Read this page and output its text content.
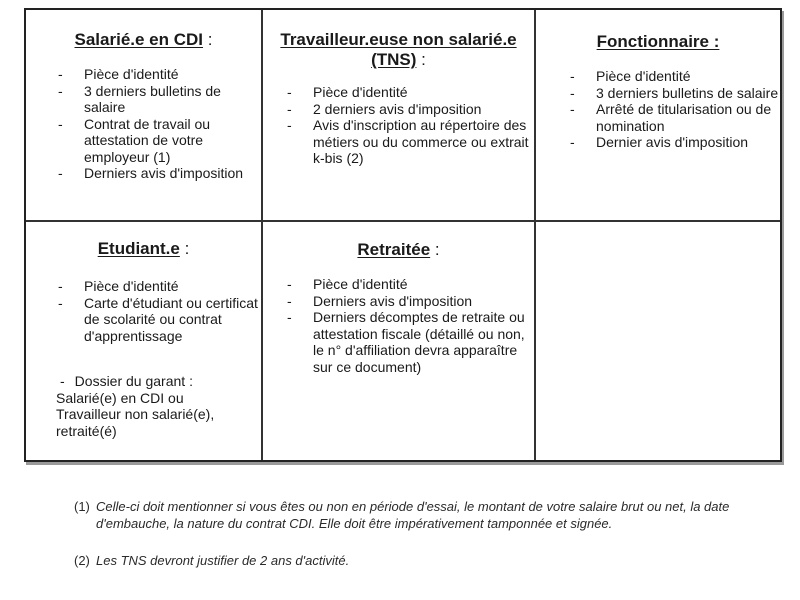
Salarié.e en CDI :
- Pièce d'identité
- 3 derniers bulletins de salaire
- Contrat de travail ou attestation de votre employeur (1)
- Derniers avis d'imposition
Travailleur.euse non salarié.e (TNS) :
- Pièce d'identité
- 2 derniers avis d'imposition
- Avis d'inscription au répertoire des métiers ou du commerce ou extrait k-bis (2)
Fonctionnaire :
- Pièce d'identité
- 3 derniers bulletins de salaire
- Arrêté de titularisation ou de nomination
- Dernier avis d'imposition
Etudiant.e :
- Pièce d'identité
- Carte d'étudiant ou certificat de scolarité ou contrat d'apprentissage
- Dossier du garant : Salarié(e) en CDI ou Travailleur non salarié(e), retraité(é)
Retraitée :
- Pièce d'identité
- Derniers avis d'imposition
- Derniers décomptes de retraite ou attestation fiscale (détaillé ou non, le n° d'affiliation devra apparaître sur ce document)
(1) Celle-ci doit mentionner si vous êtes ou non en période d'essai, le montant de votre salaire brut ou net, la date d'embauche, la nature du contrat CDI. Elle doit être impérativement tamponnée et signée.
(2) Les TNS devront justifier de 2 ans d'activité.
